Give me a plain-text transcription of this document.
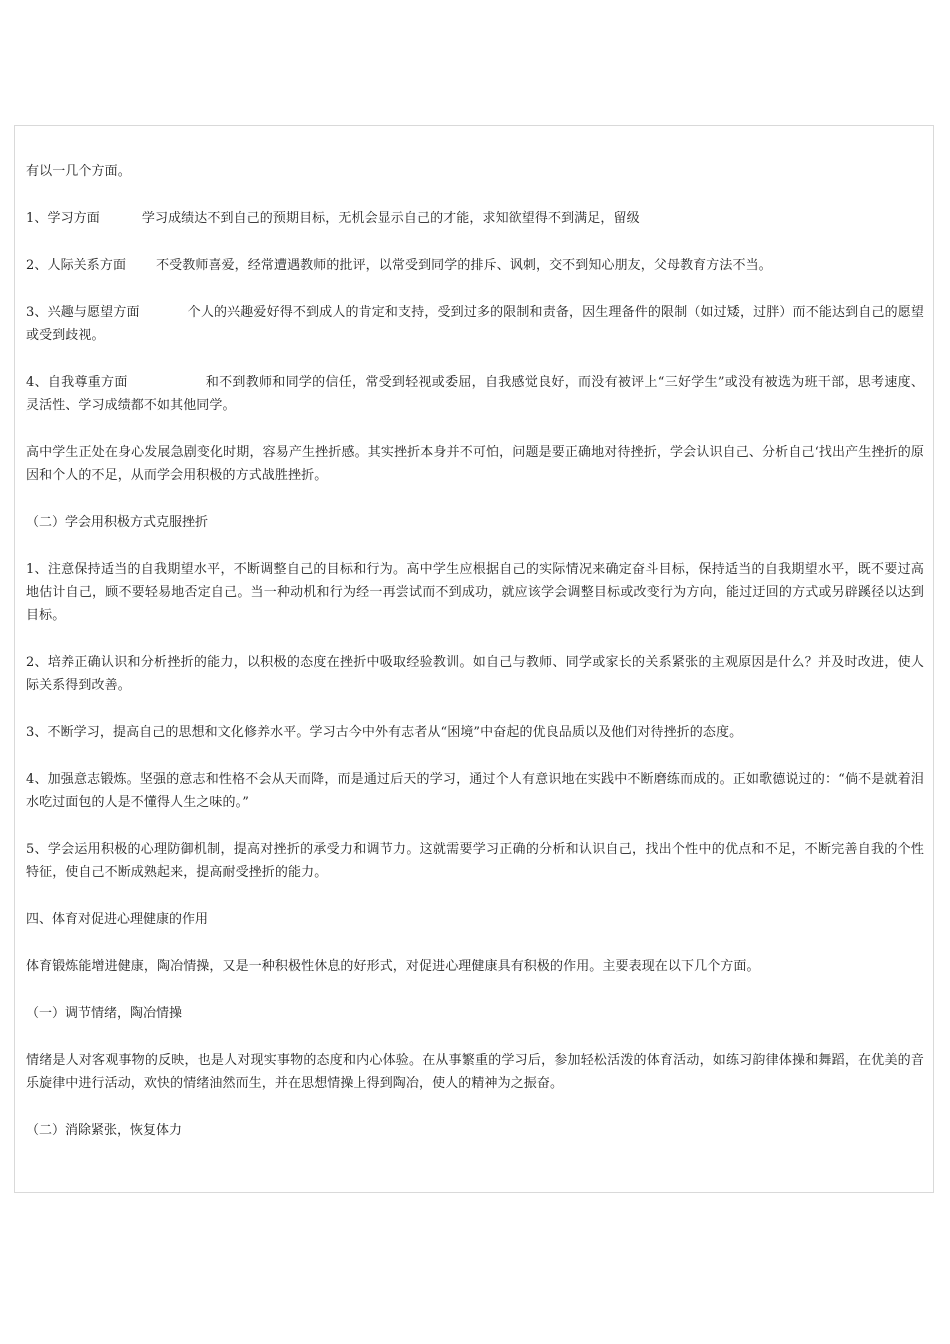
有以一几个方面。

1、学习方面	学习成绩达不到自己的预期目标，无机会显示自己的才能，求知欲望得不到满足，留级

2、人际关系方面 不受教师喜爱，经常遭遇教师的批评，以常受到同学的排斥、讽刺，交不到知心朋友，父母教育方法不当。

3、兴趣与愿望方面	个人的兴趣爱好得不到成人的肯定和支持，受到过多的限制和责备，因生理备件的限制（如过矮，过胖）而不能达到自己的愿望或受到歧视。

4、自我尊重方面	和不到教师和同学的信任，常受到轻视或委屈，自我感觉良好，而没有被评上“三好学生”或没有被选为班干部，思考速度、灵活性、学习成绩都不如其他同学。

高中学生正处在身心发展急剧变化时期，容易产生挫折感。其实挫折本身并不可怕，问题是要正确地对待挫折，学会认识自己、分析自己‘找出产生挫折的原因和个人的不足，从而学会用积极的方式战胜挫折。

（二）学会用积极方式克服挫折

1、注意保持适当的自我期望水平，不断调整自己的目标和行为。高中学生应根据自己的实际情况来确定奋斗目标，保持适当的自我期望水平，既不要过高地估计自己，顾不要轻易地否定自己。当一种动机和行为经一再尝试而不到成功，就应该学会调整目标或改变行为方向，能过迂回的方式或另辟蹊径以达到目标。

2、培养正确认识和分析挫折的能力，以积极的态度在挫折中吸取经验教训。如自己与教师、同学或家长的关系紧张的主观原因是什么？并及时改进，使人际关系得到改善。

3、不断学习，提高自己的思想和文化修养水平。学习古今中外有志者从“困境”中奋起的优良品质以及他们对待挫折的态度。

4、加强意志锻炼。坚强的意志和性格不会从天而降，而是通过后天的学习，通过个人有意识地在实践中不断磨练而成的。正如歌德说过的：“倘不是就着泪水吃过面包的人是不懂得人生之味的。”

5、学会运用积极的心理防御机制，提高对挫折的承受力和调节力。这就需要学习正确的分析和认识自己，找出个性中的优点和不足，不断完善自我的个性特征，使自己不断成熟起来，提高耐受挫折的能力。

四、体育对促进心理健康的作用

体育锻炼能增进健康，陶冶情操，又是一种积极性休息的好形式，对促进心理健康具有积极的作用。主要表现在以下几个方面。

（一）调节情绪，陶冶情操

情绪是人对客观事物的反映，也是人对现实事物的态度和内心体验。在从事繁重的学习后，参加轻松活泼的体育活动，如练习韵律体操和舞蹈，在优美的音乐旋律中进行活动，欢快的情绪油然而生，并在思想情操上得到陶冶，使人的精神为之振奋。

（二）消除紧张，恢复体力
